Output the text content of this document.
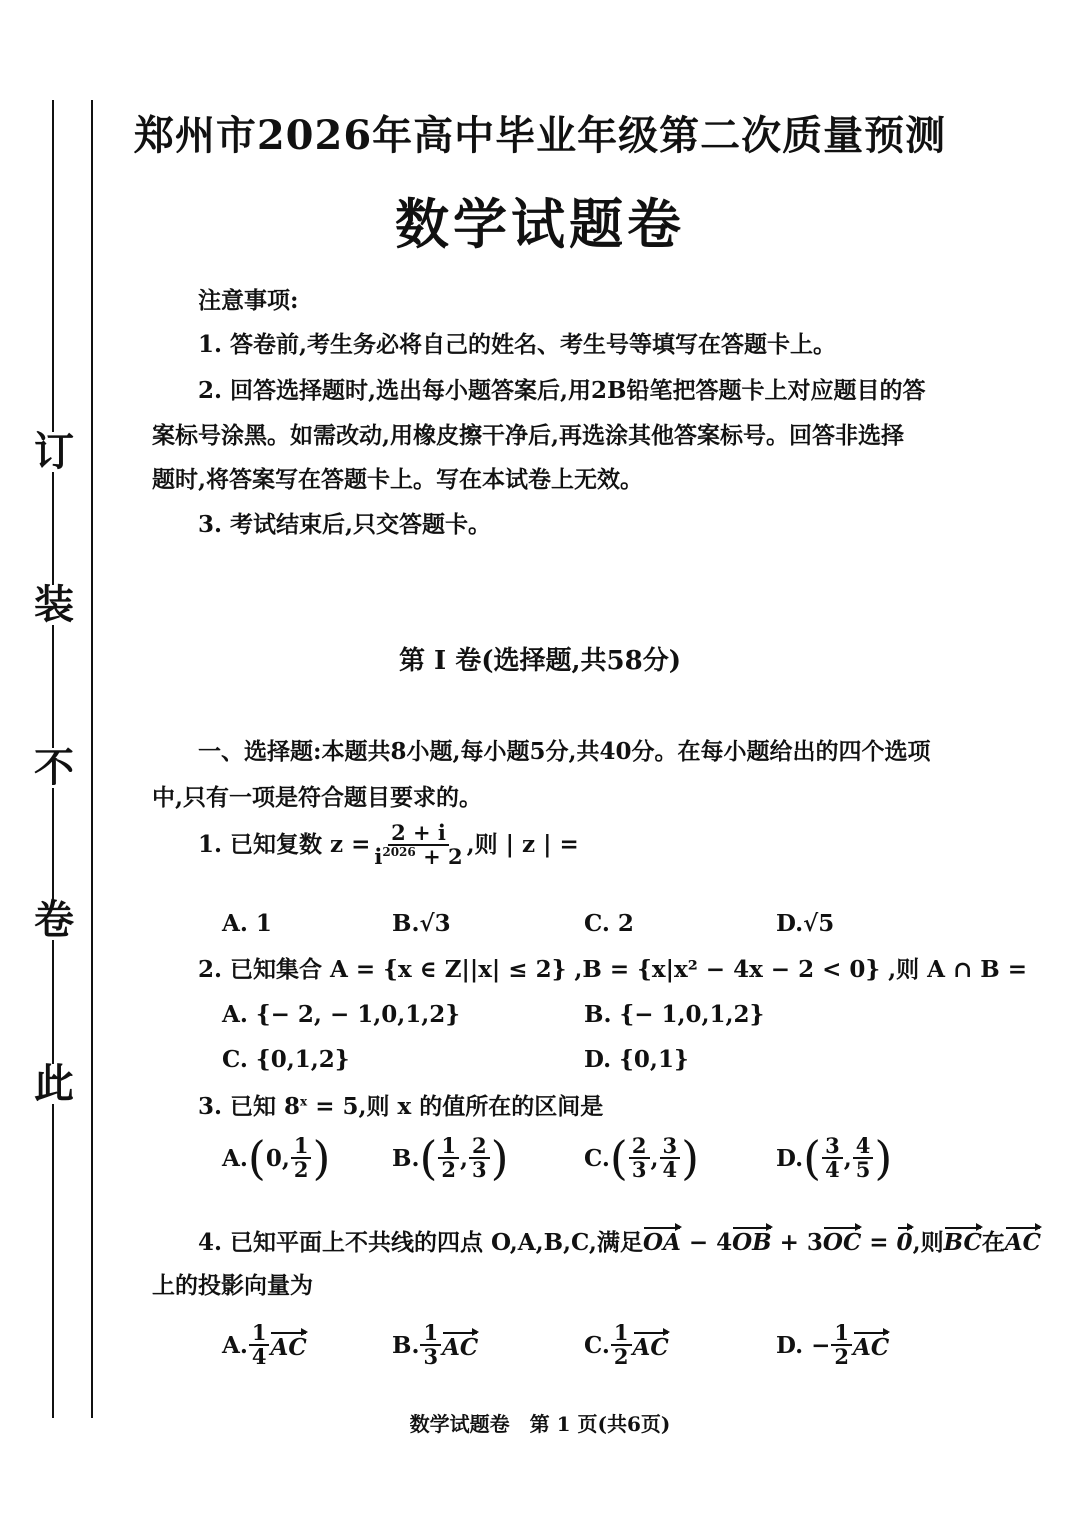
订
装
不
卷
此
郑州市2026年高中毕业年级第二次质量预测
数学试题卷
注意事项:
1. 答卷前,考生务必将自己的姓名、考生号等填写在答题卡上。
2. 回答选择题时,选出每小题答案后,用2B铅笔把答题卡上对应题目的答
案标号涂黑。如需改动,用橡皮擦干净后,再选涂其他答案标号。回答非选择
题时,将答案写在答题卡上。写在本试卷上无效。
3. 考试结束后,只交答题卡。
第 Ⅰ 卷(选择题,共58分)
一、选择题:本题共8小题,每小题5分,共40分。在每小题给出的四个选项
中,只有一项是符合题目要求的。
1. 已知复数 $z = \frac{2 + i}{i^{2026} + 2}$ ,则 | z | =
A. 1	B.√3	C. 2	D.√5
2. 已知集合 A = {x ∈ Z||x| ≤ 2} ,B = {x|x² − 4x − 2 < 0} ,则 A ∩ B =
A. {− 2, − 1,0,1,2}	B. {− 1,0,1,2}
C. {0,1,2}	D. {0,1}
3. 已知 $8^x = 5$,则 x 的值所在的区间是
A. ( 0, $\frac{1}{2}$ )	B. ( $\frac{1}{2}$ , $\frac{2}{3}$ )	C. ( $\frac{2}{3}$ , $\frac{3}{4}$ )	D. ( $\frac{3}{4}$ , $\frac{4}{5}$ )
4. 已知平面上不共线的四点 O,A,B,C,满足OA − 4OB + 3OC = 0,则BC在AC
上的投影向量为
A. $\frac{1}{4}$ AC	B. $\frac{1}{3}$ AC	C. $\frac{1}{2}$ AC	D. − $\frac{1}{2}$ AC
数学试题卷　第 1 页(共6页)
